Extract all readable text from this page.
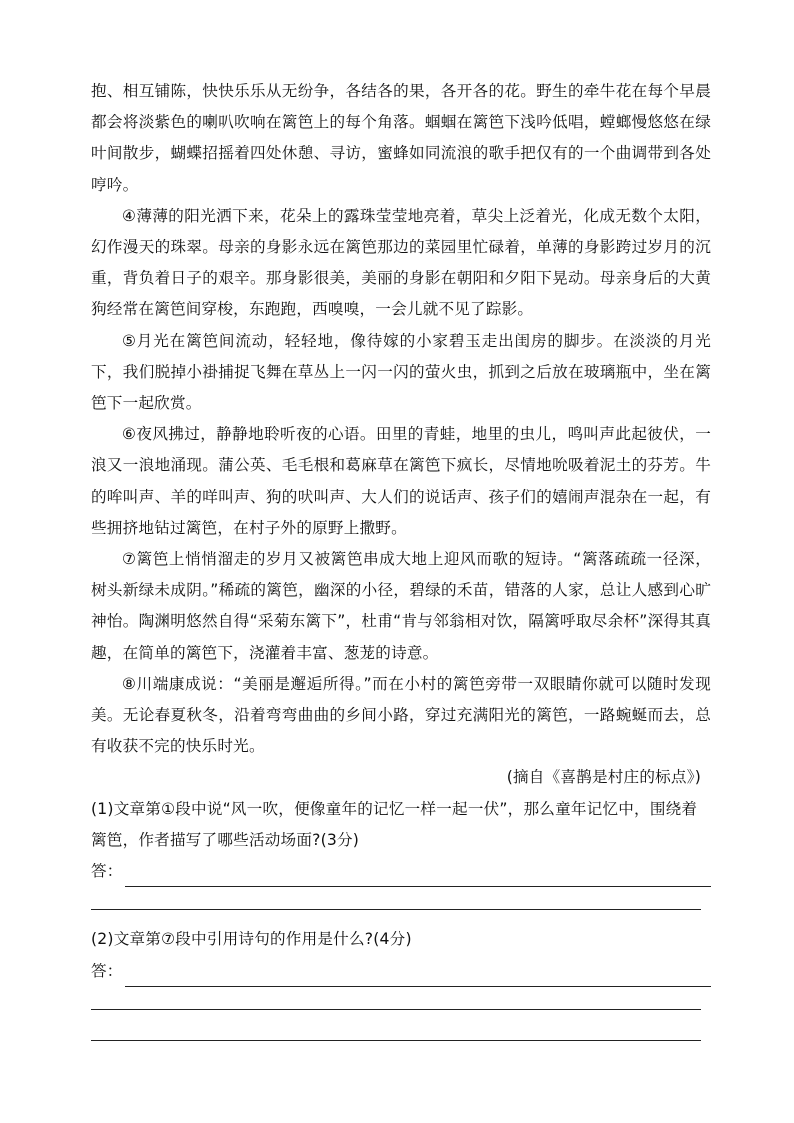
抱、相互铺陈，快快乐乐从无纷争，各结各的果，各开各的花。野生的牵牛花在每个早晨都会将淡紫色的喇叭吹响在篱笆上的每个角落。蝈蝈在篱笆下浅吟低唱，螳螂慢悠悠在绿叶间散步，蝴蝶招摇着四处休憩、寻访，蜜蜂如同流浪的歌手把仅有的一个曲调带到各处哼吟。

④薄薄的阳光洒下来，花朵上的露珠莹莹地亮着，草尖上泛着光，化成无数个太阳，幻作漫天的珠翠。母亲的身影永远在篱笆那边的菜园里忙碌着，单薄的身影跨过岁月的沉重，背负着日子的艰辛。那身影很美，美丽的身影在朝阳和夕阳下晃动。母亲身后的大黄狗经常在篱笆间穿梭，东跑跑，西嗅嗅，一会儿就不见了踪影。

⑤月光在篱笆间流动，轻轻地，像待嫁的小家碧玉走出闺房的脚步。在淡淡的月光下，我们脱掉小褂捕捉飞舞在草丛上一闪一闪的萤火虫，抓到之后放在玻璃瓶中，坐在篱笆下一起欣赏。

⑥夜风拂过，静静地聆听夜的心语。田里的青蛙，地里的虫儿，鸣叫声此起彼伏，一浪又一浪地涌现。蒲公英、毛毛根和葛麻草在篱笆下疯长，尽情地吮吸着泥土的芬芳。牛的哞叫声、羊的咩叫声、狗的吠叫声、大人们的说话声、孩子们的嬉闹声混杂在一起，有些拥挤地钻过篱笆，在村子外的原野上撒野。

⑦篱笆上悄悄溜走的岁月又被篱笆串成大地上迎风而歌的短诗。“篱落疏疏一径深，树头新绿未成阴。”稀疏的篱笆，幽深的小径，碧绿的禾苗，错落的人家，总让人感到心旷神怡。陶渊明悠然自得“采菊东篱下”，杜甫“肯与邻翁相对饮，隔篱呼取尽余杯”深得其真趣，在简单的篱笆下，浇灌着丰富、葱茏的诗意。

⑧川端康成说：“美丽是邂逅所得。”而在小村的篱笆旁带一双眼睛你就可以随时发现美。无论春夏秋冬，沿着弯弯曲曲的乡间小路，穿过充满阳光的篱笆，一路蜿蜒而去，总有收获不完的快乐时光。

(摘自《喜鹊是村庄的标点》)

(1)文章第①段中说“风一吹，便像童年的记忆一样一起一伏”，那么童年记忆中，围绕着篱笆，作者描写了哪些活动场面?(3分)

答：

(2)文章第⑦段中引用诗句的作用是什么?(4分)

答：
